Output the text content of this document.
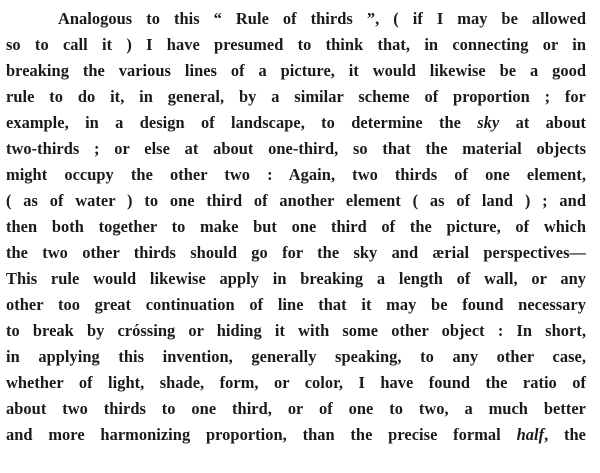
Analogous to this “ Rule of thirds ”, ( if I may be allowed
so to call it ) I have presumed to think that, in connecting or in
breaking the various lines of a picture, it would likewise be a good
rule to do it, in general, by a similar scheme of proportion ; for
example, in a design of landscape, to determine the sky at about
two-thirds ; or else at about one-third, so that the material objects
might occupy the other two : Again, two thirds of one element,
( as of water ) to one third of another element ( as of land ) ; and
then both together to make but one third of the picture, of which
the two other thirds should go for the sky and ærial perspectives—
This rule would likewise apply in breaking a length of wall, or any
other too great continuation of line that it may be found necessary
to break by cróssing or hiding it with some other object : In short,
in applying this invention, generally speaking, to any other case,
whether of light, shade, form, or color, I have found the ratio of
about two thirds to one third, or of one to two, a much better
and more harmonizing proportion, than the precise formal half, the
